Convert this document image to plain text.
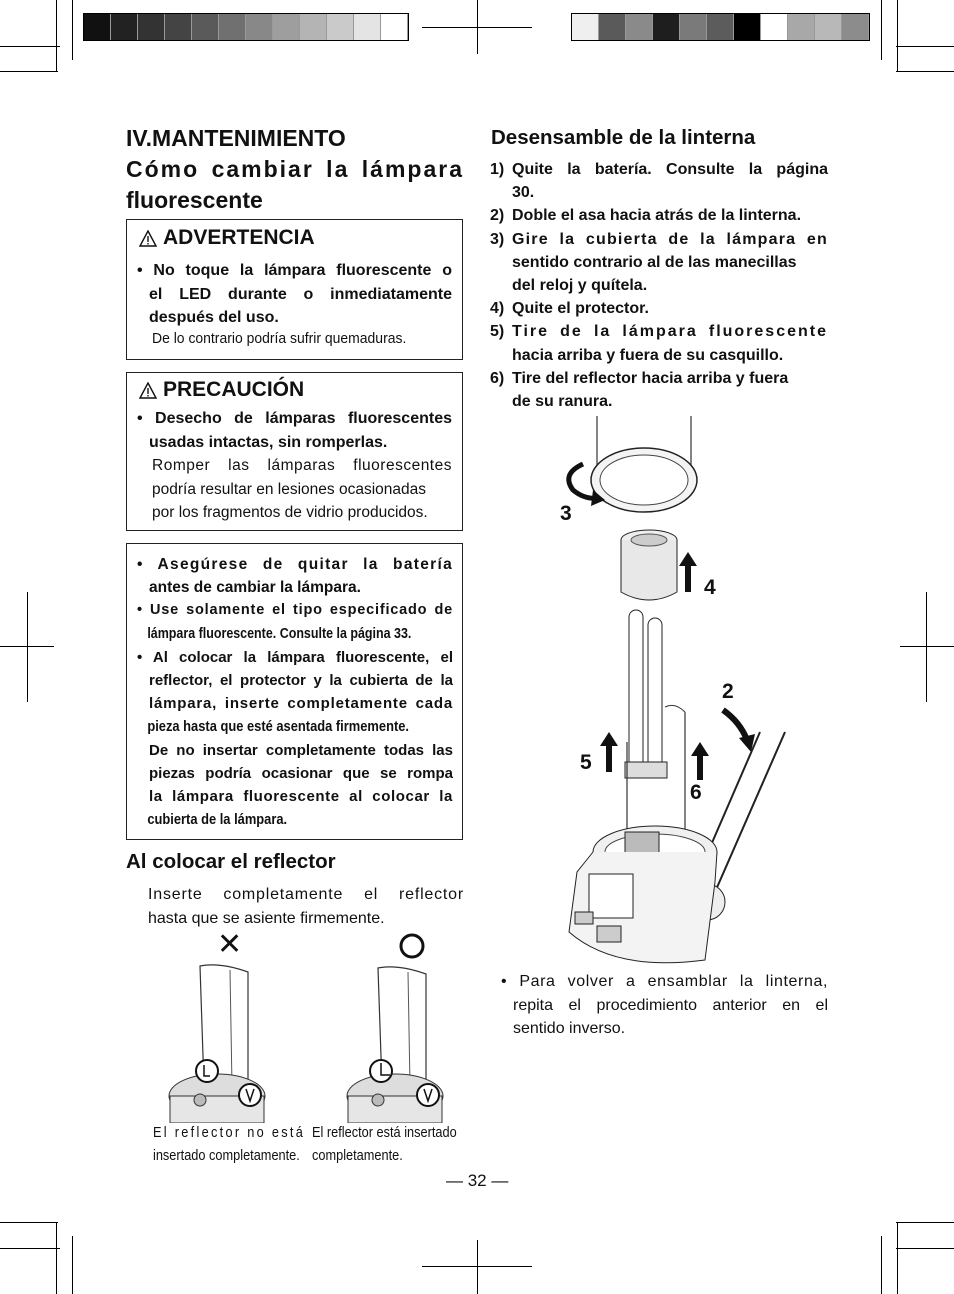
IV.MANTENIMIENTO
Cómo cambiar la lámpara
fluorescente
ADVERTENCIA
• No toque la lámpara fluorescente o
el LED durante o inmediatamente
después del uso.
De lo contrario podría sufrir quemaduras.
PRECAUCIÓN
• Desecho de lámparas fluorescentes
usadas intactas, sin romperlas.
Romper las lámparas fluorescentes
podría resultar en lesiones ocasionadas
por los fragmentos de vidrio producidos.
• Asegúrese de quitar la batería
antes de cambiar la lámpara.
• Use solamente el tipo especificado de
lámpara fluorescente. Consulte la página 33.
• Al colocar la lámpara fluorescente, el
reflector, el protector y la cubierta de la
lámpara, inserte completamente cada
pieza hasta que esté asentada firmemente.
De no insertar completamente todas las
piezas podría ocasionar que se rompa
la lámpara fluorescente al colocar la
cubierta de la lámpara.
Al colocar el reflector
Inserte completamente el reflector
hasta que se asiente firmemente.
✕
El reflector no está
insertado completamente.
El reflector está insertado
completamente.
Desensamble de la linterna
1) Quite la batería. Consulte la página
30.
2) Doble el asa hacia atrás de la linterna.
3) Gire la cubierta de la lámpara en
sentido contrario al de las manecillas
del reloj y quítela.
4) Quite el protector.
5) Tire de la lámpara fluorescente
hacia arriba y fuera de su casquillo.
6) Tire del reflector hacia arriba y fuera
de su ranura.
3
4
2
5
6
• Para volver a ensamblar la linterna,
repita el procedimiento anterior en el
sentido inverso.
— 32 —
